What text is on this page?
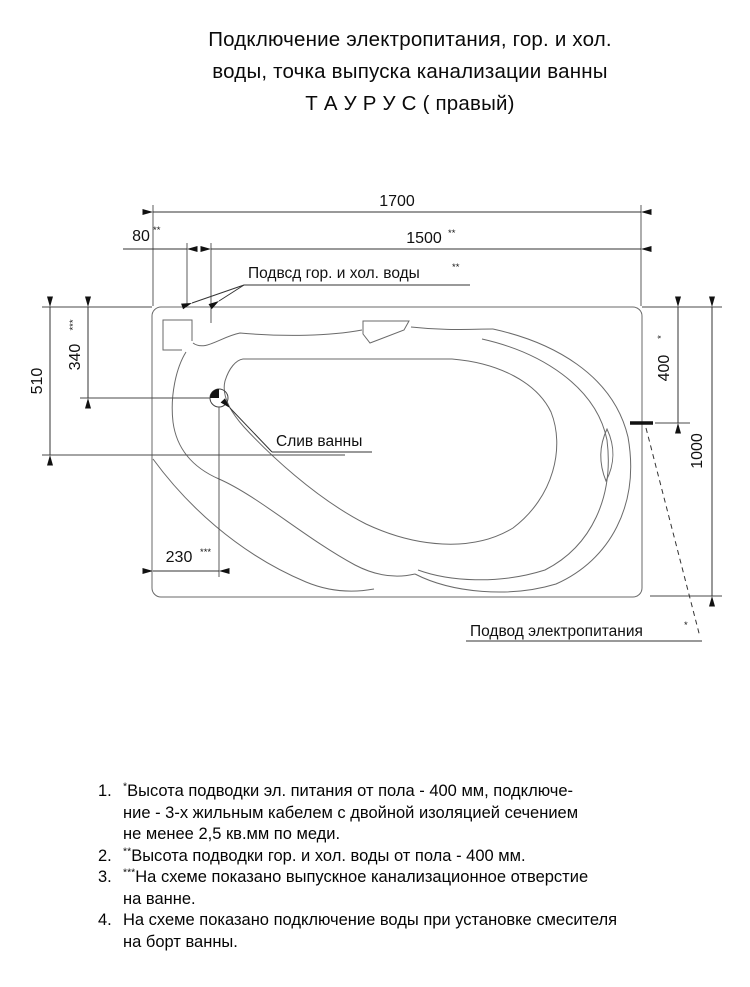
Подключение электропитания, гор. и хол.
воды, точка выпуска канализации ванны
Т А У Р У С ( правый)
1700
1500 **
80 **
510
340
***
230 ***
400
*
1000
Подвсд гор. и хол. воды	**
Слив ванны
Подвод электропитания	*
1.	*Высота подводки эл. питания от пола - 400 мм, подключе-
ние - 3-х жильным кабелем с двойной изоляцией сечением
не менее 2,5 кв.мм по меди.
2.	**Высота подводки гор. и хол. воды от пола - 400 мм.
3.	***На схеме показано выпускное канализационное отверстие
на ванне.
4. На схеме показано подключение воды при установке смесителя
на борт ванны.
